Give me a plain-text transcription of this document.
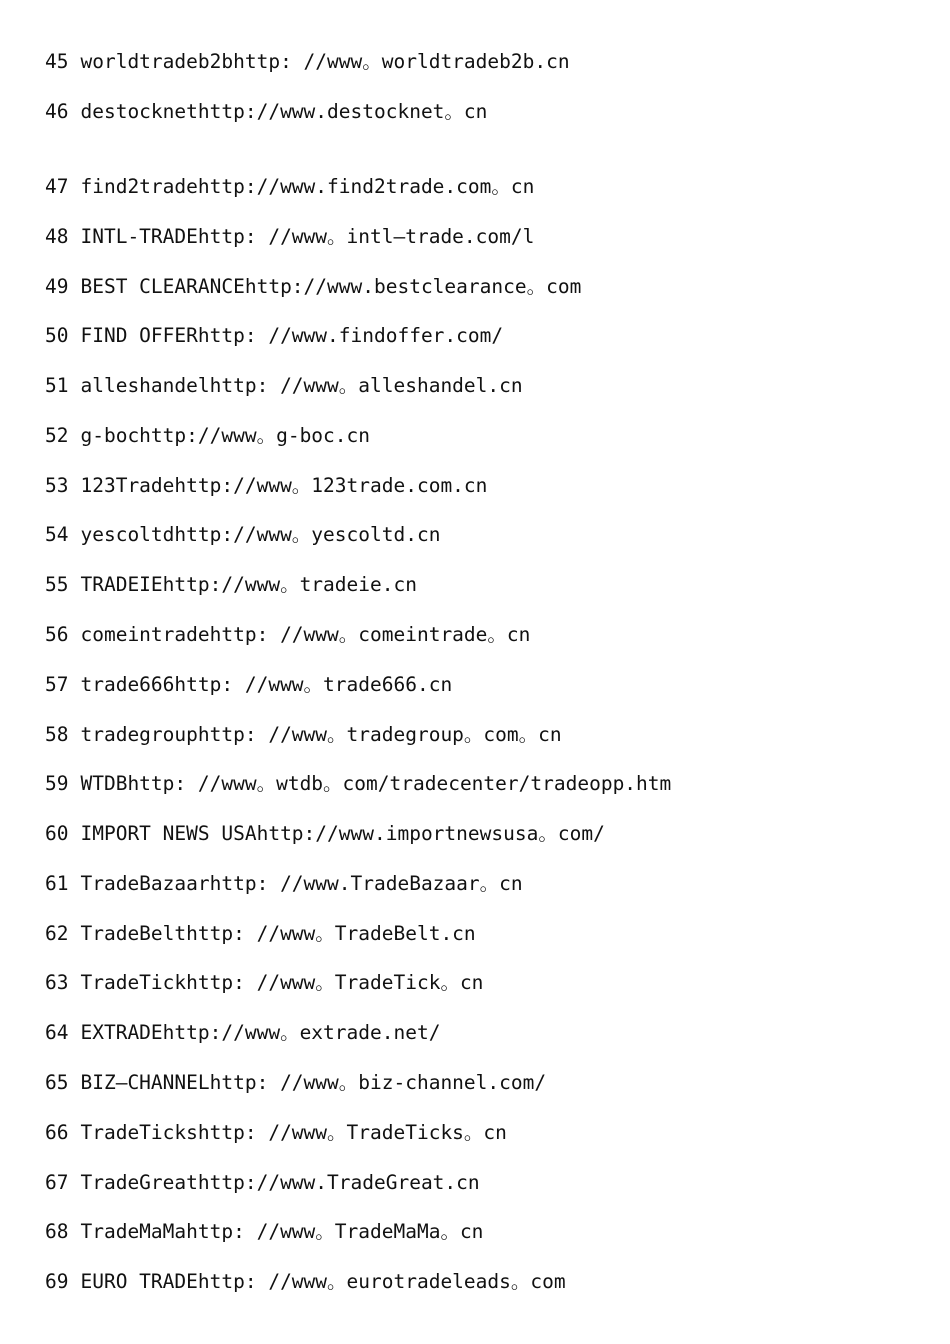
45 worldtradeb2bhttp: //www。worldtradeb2b.cn
46 destocknethttp://www.destocknet。cn
47 find2tradehttp://www.find2trade.com。cn
48 INTL-TRADEhttp: //www。intl—trade.com/l
49 BEST CLEARANCEhttp://www.bestclearance。com
50 FIND OFFERhttp: //www.findoffer.com/
51 alleshandelhttp: //www。alleshandel.cn
52 g-bochttp://www。g-boc.cn
53 123Tradehttp://www。123trade.com.cn
54 yescoltdhttp://www。yescoltd.cn
55 TRADEIEhttp://www。tradeie.cn
56 comeintradehttp: //www。comeintrade。cn
57 trade666http: //www。trade666.cn
58 tradegrouphttp: //www。tradegroup。com。cn
59 WTDBhttp: //www。wtdb。com/tradecenter/tradeopp.htm
60 IMPORT NEWS USAhttp://www.importnewsusa。com/
61 TradeBazaarhttp: //www.TradeBazaar。cn
62 TradeBelthttp: //www。TradeBelt.cn
63 TradeTickhttp: //www。TradeTick。cn
64 EXTRADEhttp://www。extrade.net/
65 BIZ—CHANNELhttp: //www。biz-channel.com/
66 TradeTickshttp: //www。TradeTicks。cn
67 TradeGreathttp://www.TradeGreat.cn
68 TradeMaMahttp: //www。TradeMaMa。cn
69 EURO TRADEhttp: //www。eurotradeleads。com
